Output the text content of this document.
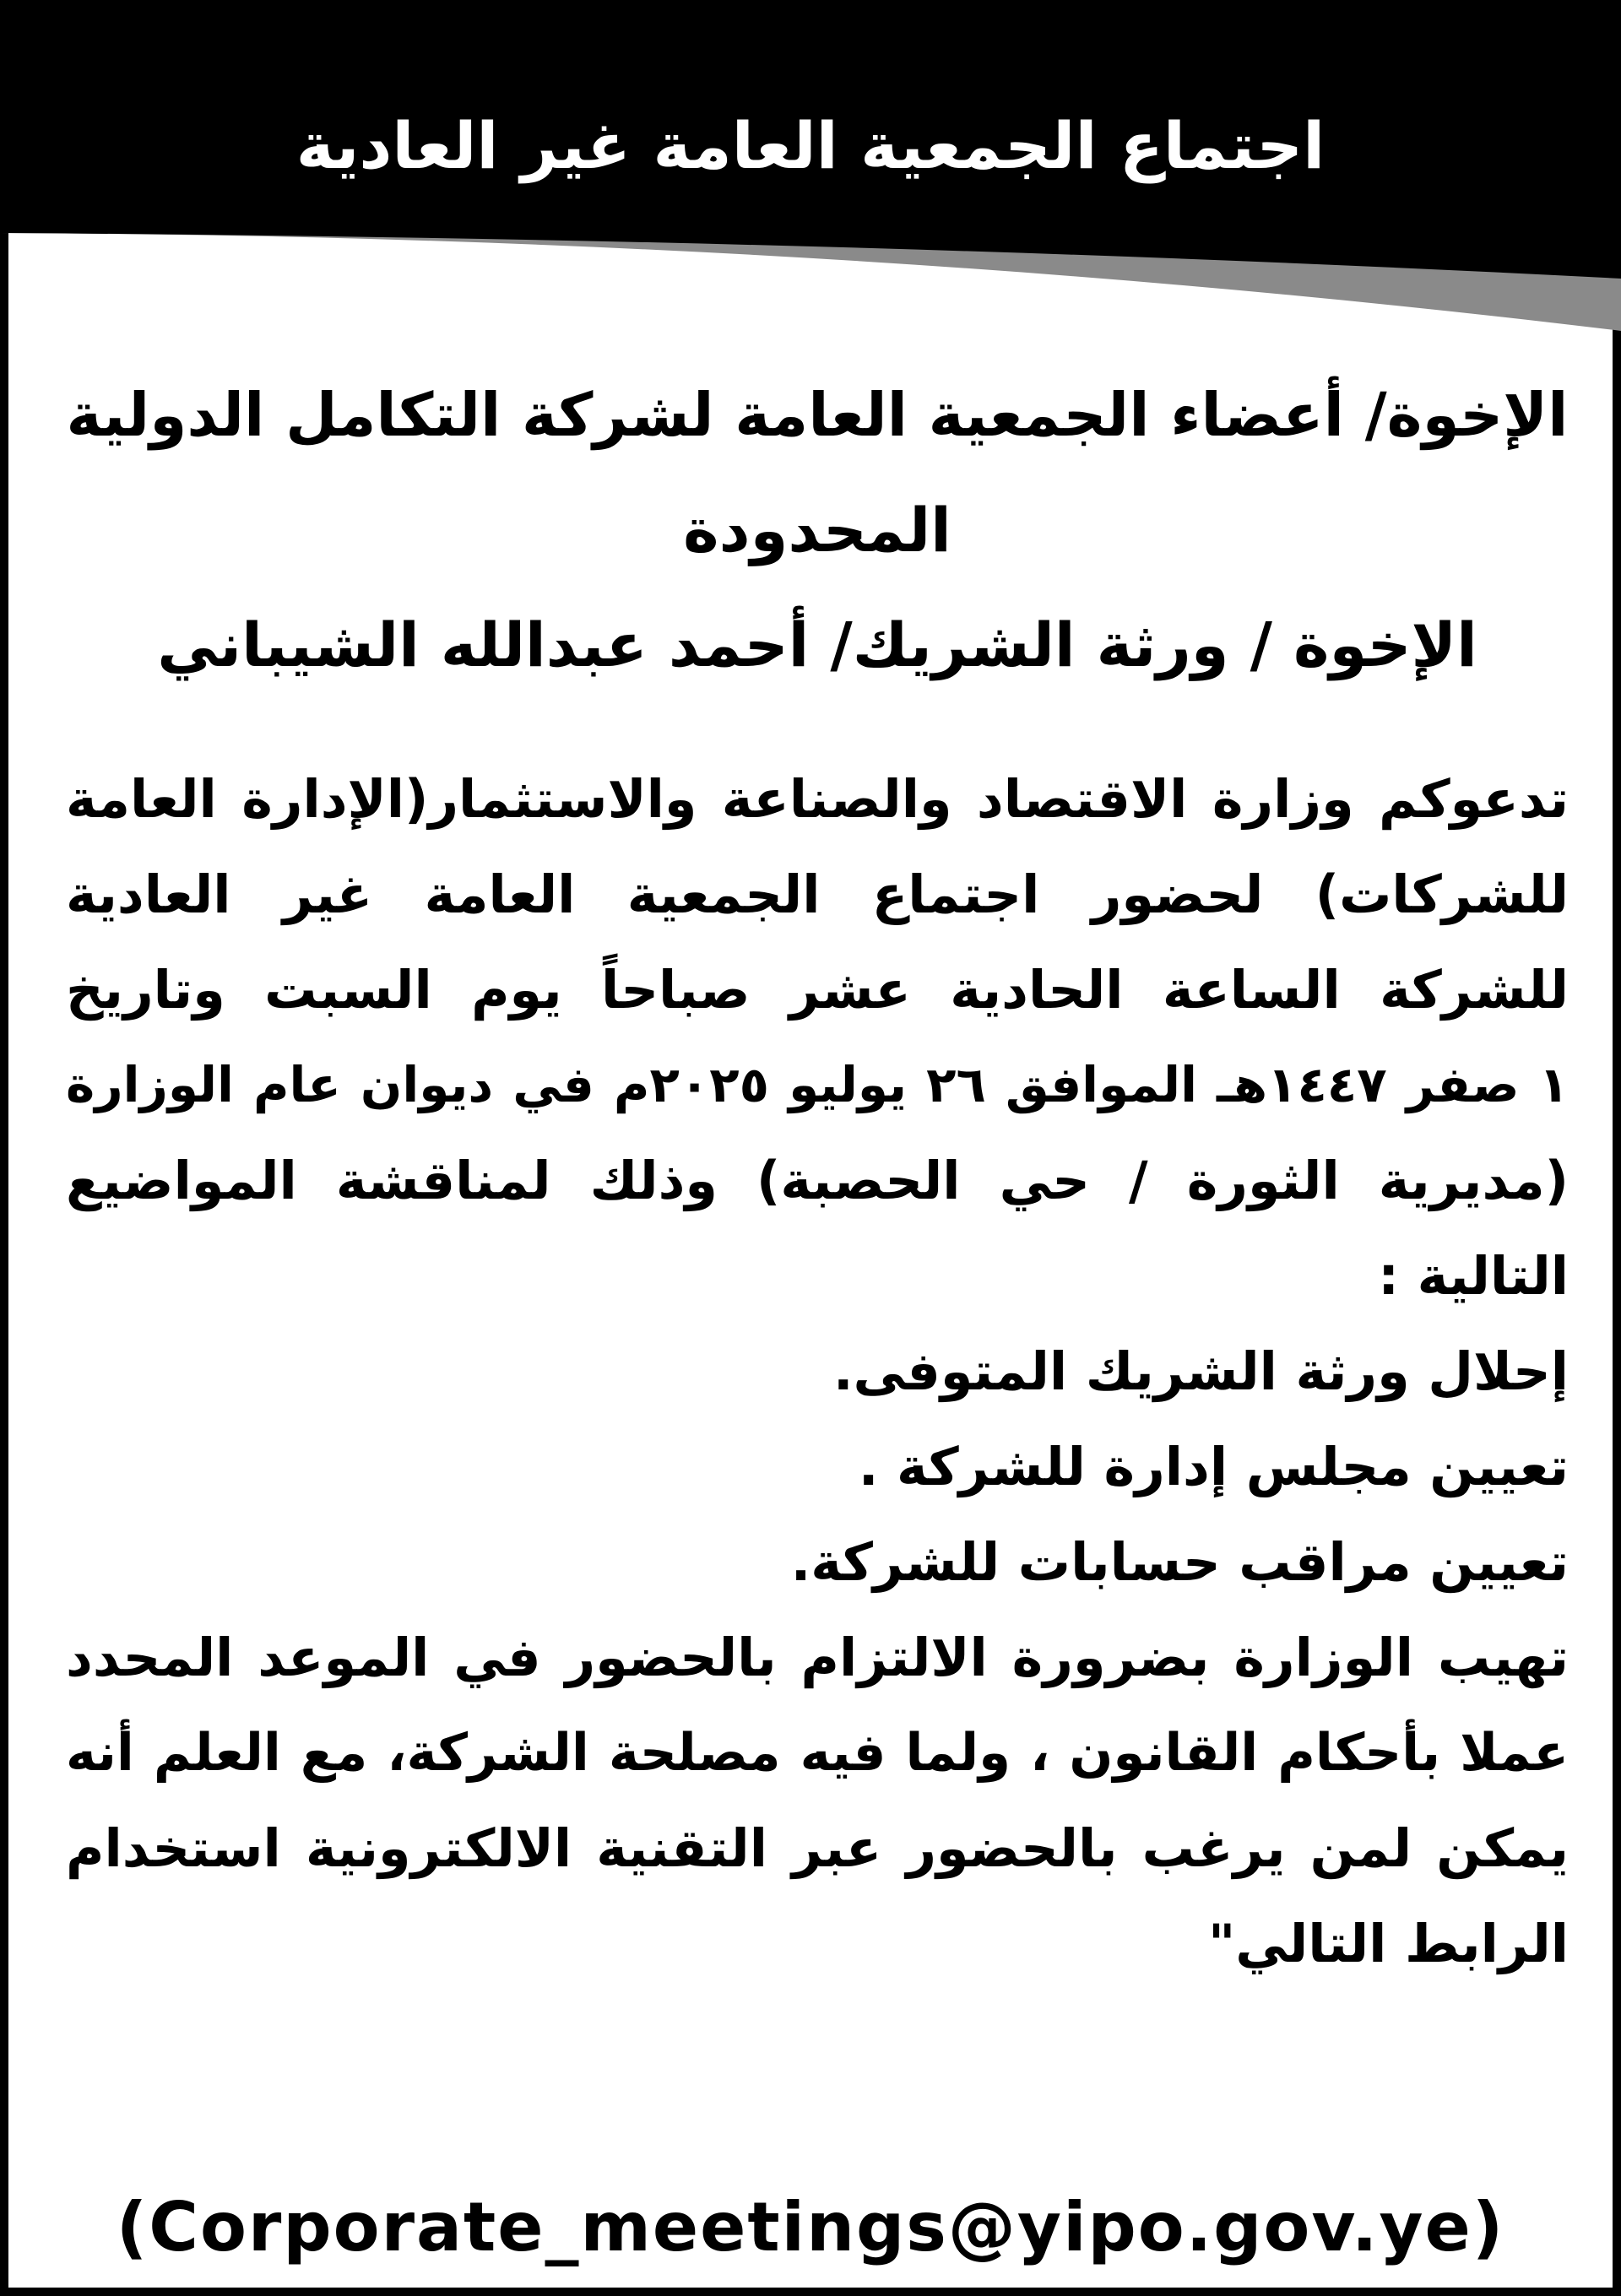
اجتماع الجمعية العامة غير العادية
الإخوة/ أعضاء الجمعية العامة لشركة التكامل الدولية
المحدودة
الإخوة / ورثة الشريك/ أحمد عبدالله الشيباني
تدعوكم وزارة الاقتصاد والصناعة والاستثمار(الإدارة العامة
للشركات) لحضور اجتماع الجمعية العامة غير العادية
للشركة الساعة الحادية عشر صباحاً يوم السبت وتاريخ
١ صفر ١٤٤٧هـ الموافق ٢٦ يوليو ٢٠٢٥م في ديوان عام الوزارة
(مديرية الثورة / حي الحصبة) وذلك لمناقشة المواضيع
التالية :
إحلال ورثة الشريك المتوفى.
تعيين مجلس إدارة للشركة .
تعيين مراقب حسابات للشركة.
تهيب الوزارة بضرورة الالتزام بالحضور في الموعد المحدد
عملا بأحكام القانون ، ولما فيه مصلحة الشركة، مع العلم أنه
يمكن لمن يرغب بالحضور عبر التقنية الالكترونية استخدام
الرابط التالي"
(Corporate_meetings@yipo.gov.ye)
